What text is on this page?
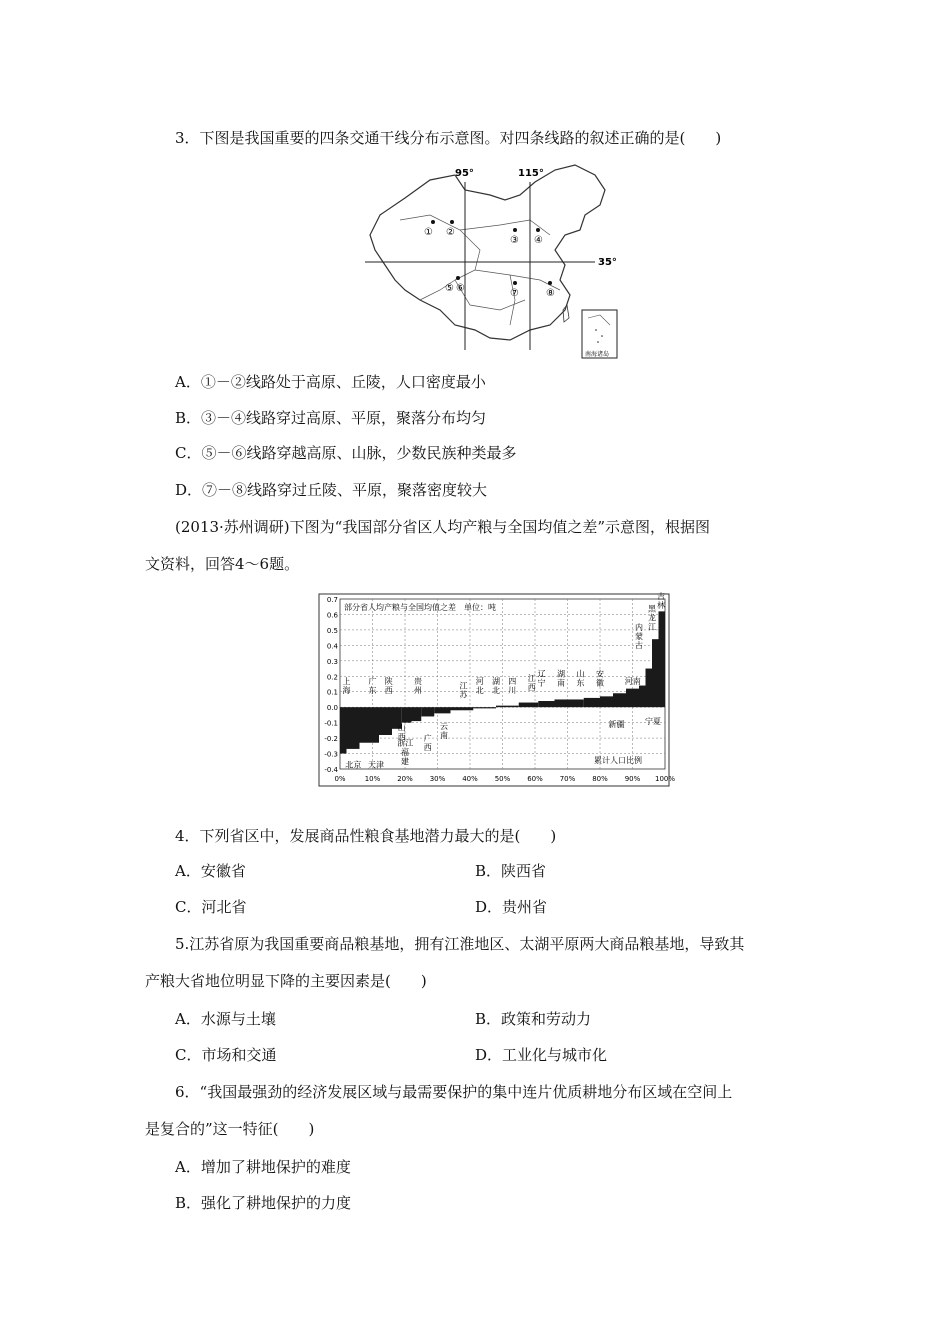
3．下图是我国重要的四条交通干线分布示意图。对四条线路的叙述正确的是(　　)
95°	115°
35°
① ②
③ ④
⑤ ⑥	⑦	⑧
南海诸岛
A．①－②线路处于高原、丘陵，人口密度最小
B．③－④线路穿过高原、平原，聚落分布均匀
C．⑤－⑥线路穿越高原、山脉，少数民族种类最多
D．⑦－⑧线路穿过丘陵、平原，聚落密度较大
(2013·苏州调研)下图为“我国部分省区人均产粮与全国均值之差”示意图，根据图
文资料，回答4～6题。
0.7
0.6
0.5
0.4
0.3
0.2
0.1
0.0
-0.1
-0.2
-0.3
-0.4
0%	10% 20% 30% 40% 50% 60% 70% 80% 90% 100%
上海
北京
广东
天津
陕西
浙江
福建
山西
贵州
广西
云南
江苏
河北
湖北
四川
江西
辽宁
湖南
山东
安徽	河南
新疆	宁夏
内蒙古
黑龙江
吉林
部分省人均产粮与全国均值之差　单位：吨
累计人口比例
4．下列省区中，发展商品性粮食基地潜力最大的是(　　)
A．安徽省	B．陕西省
C．河北省	D．贵州省
5.江苏省原为我国重要商品粮基地，拥有江淮地区、太湖平原两大商品粮基地，导致其
产粮大省地位明显下降的主要因素是(　　)
A．水源与土壤	B．政策和劳动力
C．市场和交通	D．工业化与城市化
6．“我国最强劲的经济发展区域与最需要保护的集中连片优质耕地分布区域在空间上
是复合的”这一特征(　　)
A．增加了耕地保护的难度
B．强化了耕地保护的力度
